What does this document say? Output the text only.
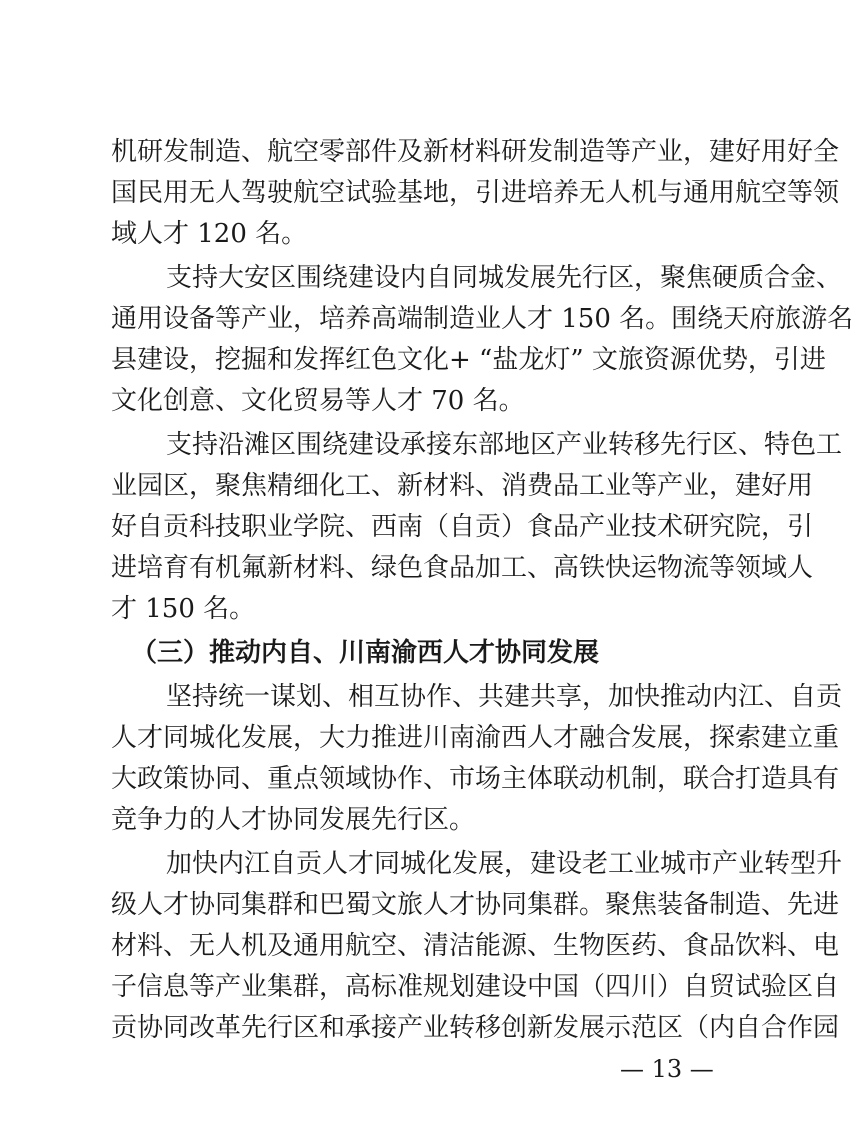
机研发制造、航空零部件及新材料研发制造等产业，建好用好全
国民用无人驾驶航空试验基地，引进培养无人机与通用航空等领
域人才 120 名。
支持大安区围绕建设内自同城发展先行区，聚焦硬质合金、
通用设备等产业，培养高端制造业人才 150 名。围绕天府旅游名
县建设，挖掘和发挥红色文化+ “盐龙灯” 文旅资源优势，引进
文化创意、文化贸易等人才 70 名。
支持沿滩区围绕建设承接东部地区产业转移先行区、特色工
业园区，聚焦精细化工、新材料、消费品工业等产业，建好用
好自贡科技职业学院、西南（自贡）食品产业技术研究院，引
进培育有机氟新材料、绿色食品加工、高铁快运物流等领域人
才 150 名。
（三）推动内自、川南渝西人才协同发展
坚持统一谋划、相互协作、共建共享，加快推动内江、自贡
人才同城化发展，大力推进川南渝西人才融合发展，探索建立重
大政策协同、重点领域协作、市场主体联动机制，联合打造具有
竞争力的人才协同发展先行区。
加快内江自贡人才同城化发展，建设老工业城市产业转型升
级人才协同集群和巴蜀文旅人才协同集群。聚焦装备制造、先进
材料、无人机及通用航空、清洁能源、生物医药、食品饮料、电
子信息等产业集群，高标准规划建设中国（四川）自贸试验区自
贡协同改革先行区和承接产业转移创新发展示范区（内自合作园
— 13 —
